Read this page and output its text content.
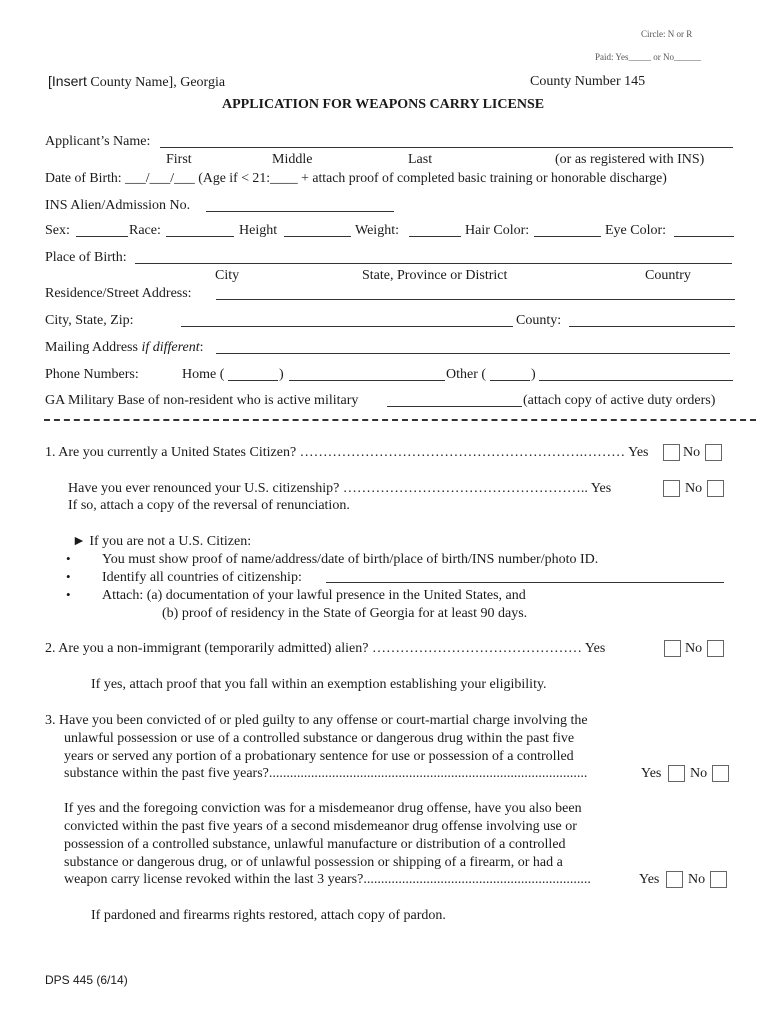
Circle: N or R
Paid: Yes_____ or No______
[Insert County Name], Georgia	County Number 145
APPLICATION FOR WEAPONS CARRY LICENSE
Applicant’s Name:
First	Middle	Last	(or as registered with INS)
Date of Birth: ___/___/___ (Age if < 21:____ + attach proof of completed basic training or honorable discharge)
INS Alien/Admission No.
Sex:	Race:	Height	Weight:	Hair Color:	Eye Color:
Place of Birth:
City	State, Province or District	Country
Residence/Street Address:
City, State, Zip:	County:
Mailing Address if different:
Phone Numbers:	Home (	)	Other (	)
GA Military Base of non-resident who is active military	(attach copy of active duty orders)
1. Are you currently a United States Citizen? …………………………………………………….……… Yes No
Have you ever renounced your U.S. citizenship? …………………………………………….. Yes	No
If so, attach a copy of the reversal of renunciation.
► If you are not a U.S. Citizen:
• You must show proof of name/address/date of birth/place of birth/INS number/photo ID.
• Identify all countries of citizenship:
• Attach: (a) documentation of your lawful presence in the United States, and
(b) proof of residency in the State of Georgia for at least 90 days.
2. Are you a non-immigrant (temporarily admitted) alien? ……………………………………… Yes	No
If yes, attach proof that you fall within an exemption establishing your eligibility.
3. Have you been convicted of or pled guilty to any offense or court-martial charge involving the
unlawful possession or use of a controlled substance or dangerous drug within the past five
years or served any portion of a probationary sentence for use or possession of a controlled
substance within the past five years?...........................................................................................	Yes No
If yes and the foregoing conviction was for a misdemeanor drug offense, have you also been
convicted within the past five years of a second misdemeanor drug offense involving use or
possession of a controlled substance, unlawful manufacture or distribution of a controlled
substance or dangerous drug, or of unlawful possession or shipping of a firearm, or had a
weapon carry license revoked within the last 3 years?.................................................................	Yes No
If pardoned and firearms rights restored, attach copy of pardon.
DPS 445 (6/14)
